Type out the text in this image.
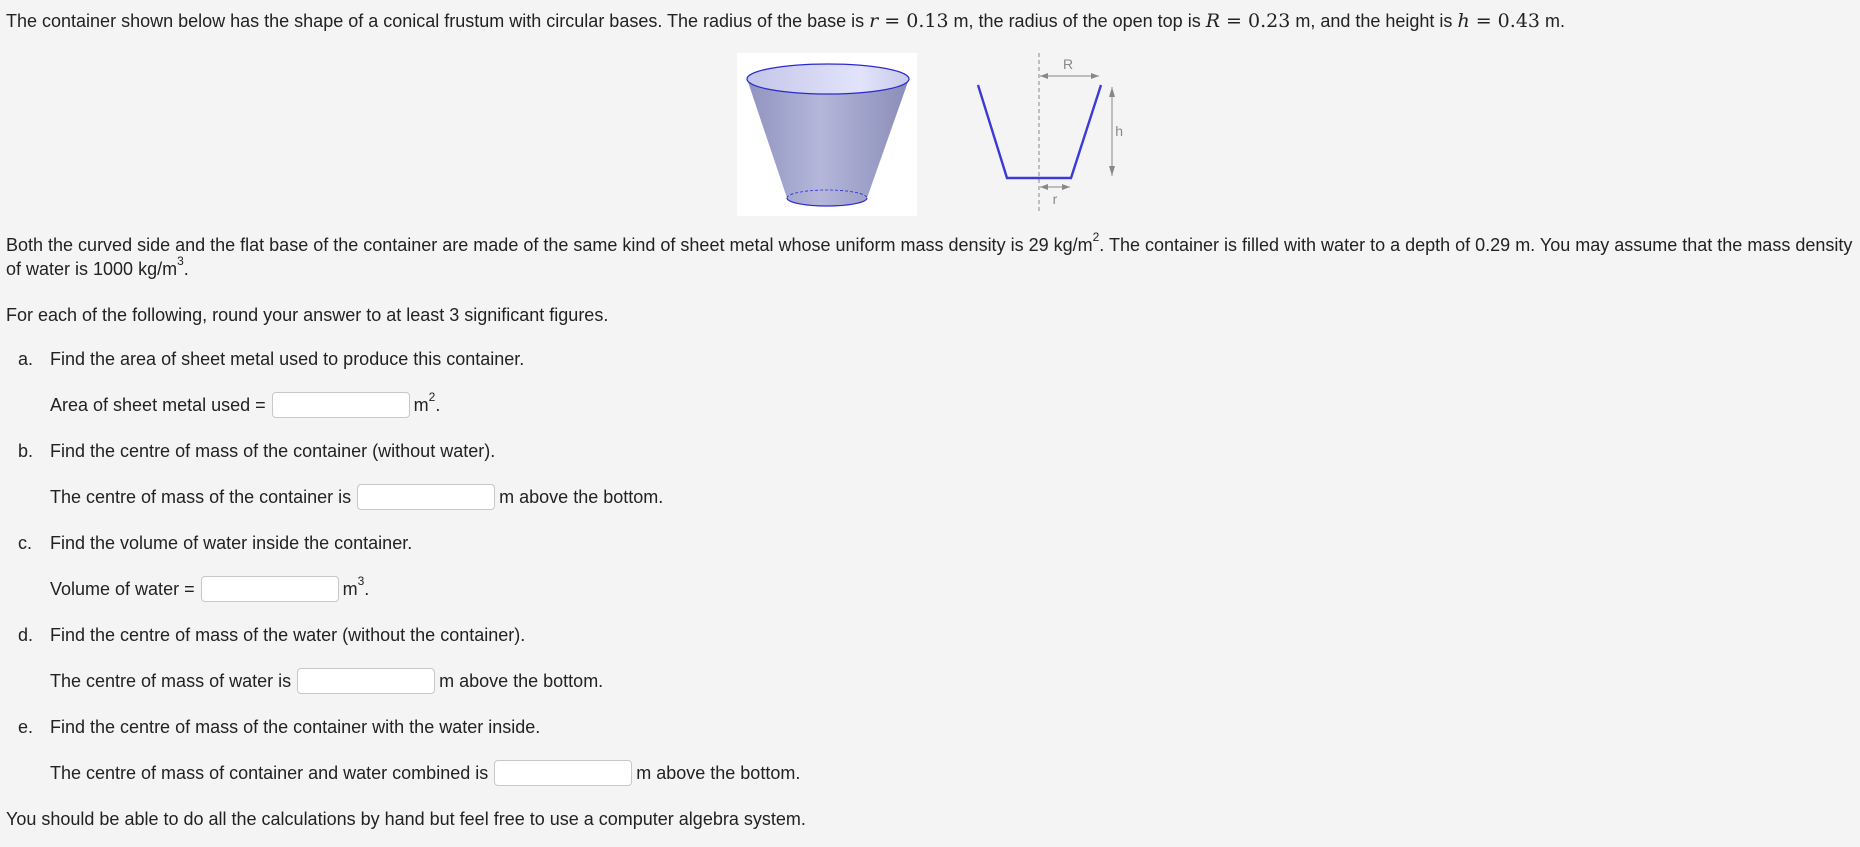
The container shown below has the shape of a conical frustum with circular bases. The radius of the base is r = 0.13 m, the radius of the open top is R = 0.23 m, and the height is h = 0.43 m.
R
h
r
Both the curved side and the flat base of the container are made of the same kind of sheet metal whose uniform mass density is 29 $kg/m^2$. The container is filled with water to a depth of 0.29 m. You may assume that the mass density
of water is 1000 $kg/m^3$.
For each of the following, round your answer to at least 3 significant figures.
a. Find the area of sheet metal used to produce this container.
Area of sheet metal used =	$m^2$.
b. Find the centre of mass of the container (without water).
The centre of mass of the container is	m above the bottom.
c. Find the volume of water inside the container.
Volume of water =	$m^3$.
d. Find the centre of mass of the water (without the container).
The centre of mass of water is	m above the bottom.
e. Find the centre of mass of the container with the water inside.
The centre of mass of container and water combined is	m above the bottom.
You should be able to do all the calculations by hand but feel free to use a computer algebra system.
